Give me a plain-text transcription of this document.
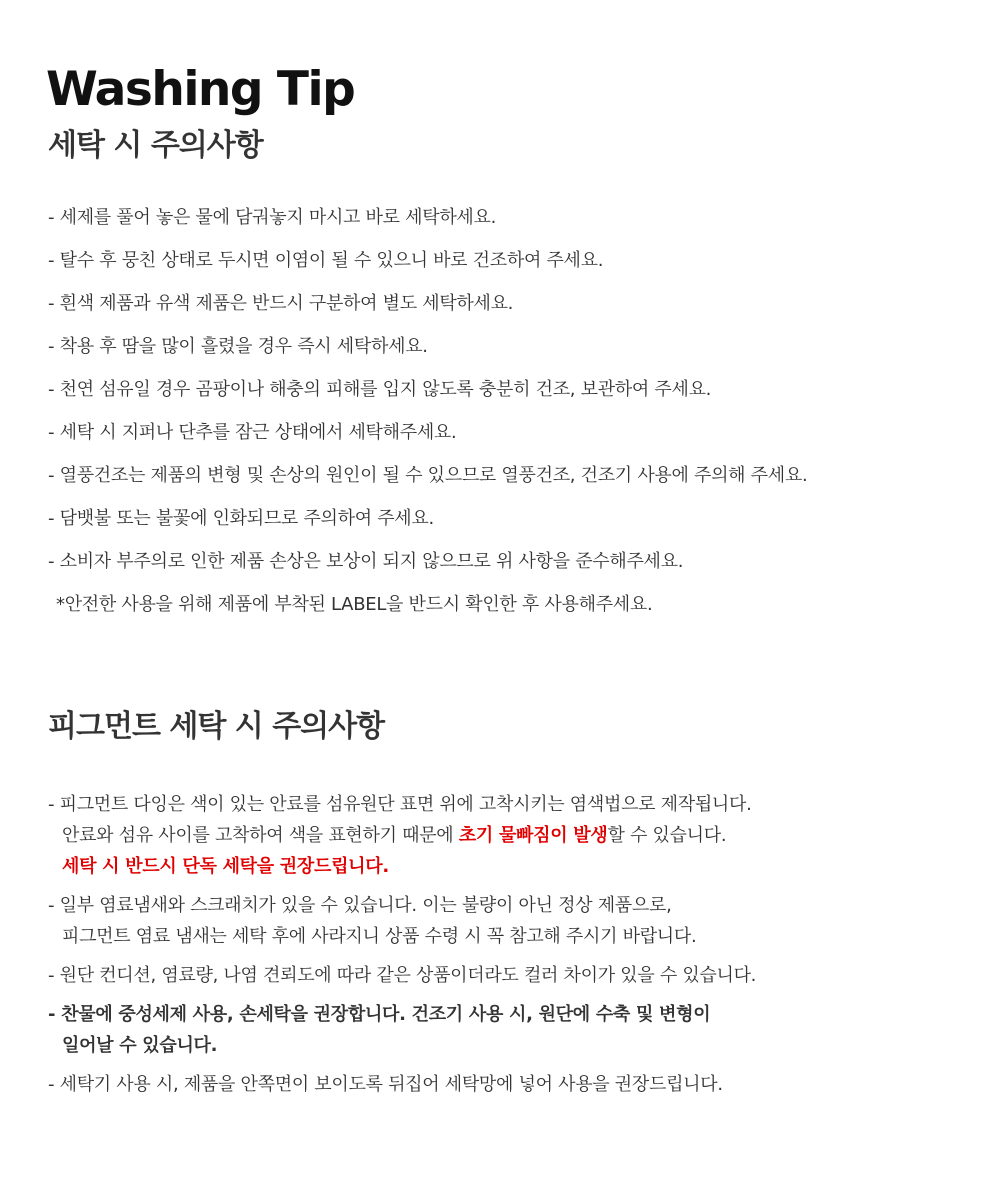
Washing Tip
세탁 시 주의사항
- 세제를 풀어 놓은 물에 담궈놓지 마시고 바로 세탁하세요.
- 탈수 후 뭉친 상태로 두시면 이염이 될 수 있으니 바로 건조하여 주세요.
- 흰색 제품과 유색 제품은 반드시 구분하여 별도 세탁하세요.
- 착용 후 땀을 많이 흘렸을 경우 즉시 세탁하세요.
- 천연 섬유일 경우 곰팡이나 해충의 피해를 입지 않도록 충분히 건조, 보관하여 주세요.
- 세탁 시 지퍼나 단추를 잠근 상태에서 세탁해주세요.
- 열풍건조는 제품의 변형 및 손상의 원인이 될 수 있으므로 열풍건조, 건조기 사용에 주의해 주세요.
- 담뱃불 또는 불꽃에 인화되므로 주의하여 주세요.
- 소비자 부주의로 인한 제품 손상은 보상이 되지 않으므로 위 사항을 준수해주세요.
*안전한 사용을 위해 제품에 부착된 LABEL을 반드시 확인한 후 사용해주세요.
피그먼트 세탁 시 주의사항
- 피그먼트 다잉은 색이 있는 안료를 섬유원단 표면 위에 고착시키는 염색법으로 제작됩니다.
안료와 섬유 사이를 고착하여 색을 표현하기 때문에 초기 물빠짐이 발생할 수 있습니다.
세탁 시 반드시 단독 세탁을 권장드립니다.
- 일부 염료냄새와 스크래치가 있을 수 있습니다. 이는 불량이 아닌 정상 제품으로,
피그먼트 염료 냄새는 세탁 후에 사라지니 상품 수령 시 꼭 참고해 주시기 바랍니다.
- 원단 컨디션, 염료량, 나염 견뢰도에 따라 같은 상품이더라도 컬러 차이가 있을 수 있습니다.
- 찬물에 중성세제 사용, 손세탁을 권장합니다. 건조기 사용 시, 원단에 수축 및 변형이
일어날 수 있습니다.
- 세탁기 사용 시, 제품을 안쪽면이 보이도록 뒤집어 세탁망에 넣어 사용을 권장드립니다.
